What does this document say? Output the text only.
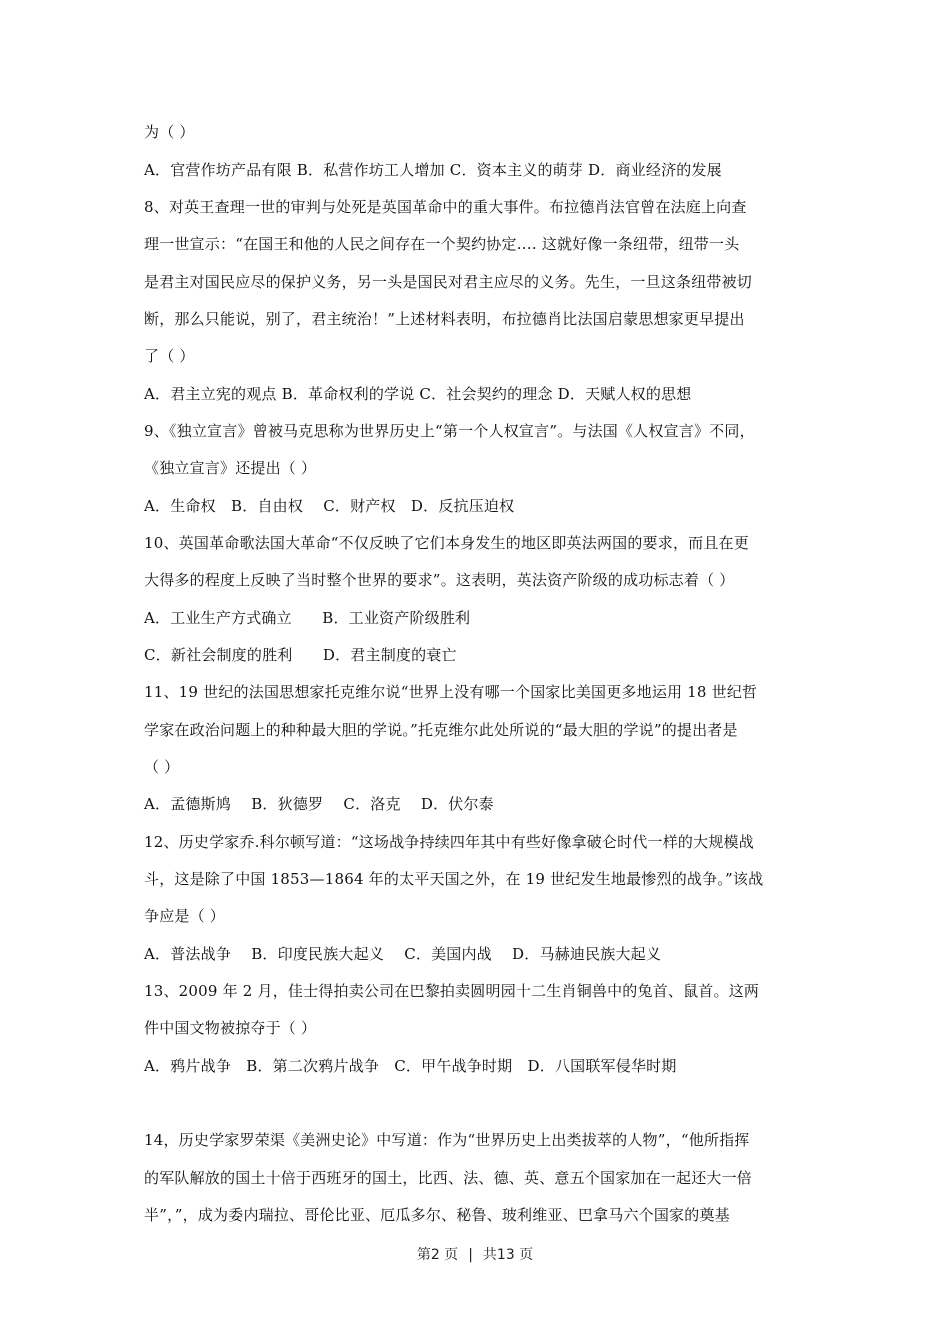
为（ ）
A．官营作坊产品有限 B．私营作坊工人增加 C．资本主义的萌芽 D．商业经济的发展
8、对英王查理一世的审判与处死是英国革命中的重大事件。布拉德肖法官曾在法庭上向查
理一世宣示：“在国王和他的人民之间存在一个契约协定…. 这就好像一条纽带，纽带一头
是君主对国民应尽的保护义务，另一头是国民对君主应尽的义务。先生，一旦这条纽带被切
断，那么只能说，别了，君主统治！”上述材料表明，布拉德肖比法国启蒙思想家更早提出
了（ ）
A．君主立宪的观点 B．革命权利的学说 C．社会契约的理念 D．天赋人权的思想
9、《独立宣言》曾被马克思称为世界历史上“第一个人权宣言”。与法国《人权宣言》不同，
《独立宣言》还提出（ ）
A．生命权　B．自由权　 C．财产权　D．反抗压迫权
10、英国革命歌法国大革命“不仅反映了它们本身发生的地区即英法两国的要求，而且在更
大得多的程度上反映了当时整个世界的要求”。这表明，英法资产阶级的成功标志着（ ）
A．工业生产方式确立　　B．工业资产阶级胜利
C．新社会制度的胜利　　D．君主制度的衰亡
11、19 世纪的法国思想家托克维尔说“世界上没有哪一个国家比美国更多地运用 18 世纪哲
学家在政治问题上的种种最大胆的学说。”托克维尔此处所说的“最大胆的学说”的提出者是
（ ）
A．孟德斯鸠　 B．狄德罗　 C．洛克　 D．伏尔泰
12、历史学家乔.科尔顿写道：“这场战争持续四年其中有些好像拿破仑时代一样的大规模战
斗，这是除了中国 1853—1864 年的太平天国之外，在 19 世纪发生地最惨烈的战争。”该战
争应是（ ）
A．普法战争　 B．印度民族大起义　 C．美国内战　 D．马赫迪民族大起义
13、2009 年 2 月，佳士得拍卖公司在巴黎拍卖圆明园十二生肖铜兽中的兔首、鼠首。这两
件中国文物被掠夺于（ ）
A．鸦片战争　B．第二次鸦片战争　C．甲午战争时期　D．八国联军侵华时期
14，历史学家罗荣渠《美洲史论》中写道：作为“世界历史上出类拔萃的人物”，“他所指挥
的军队解放的国土十倍于西班牙的国土，比西、法、德、英、意五个国家加在一起还大一倍
半”，”，成为委内瑞拉、哥伦比亚、厄瓜多尔、秘鲁、玻利维亚、巴拿马六个国家的奠基
第2 页 | 共13 页
